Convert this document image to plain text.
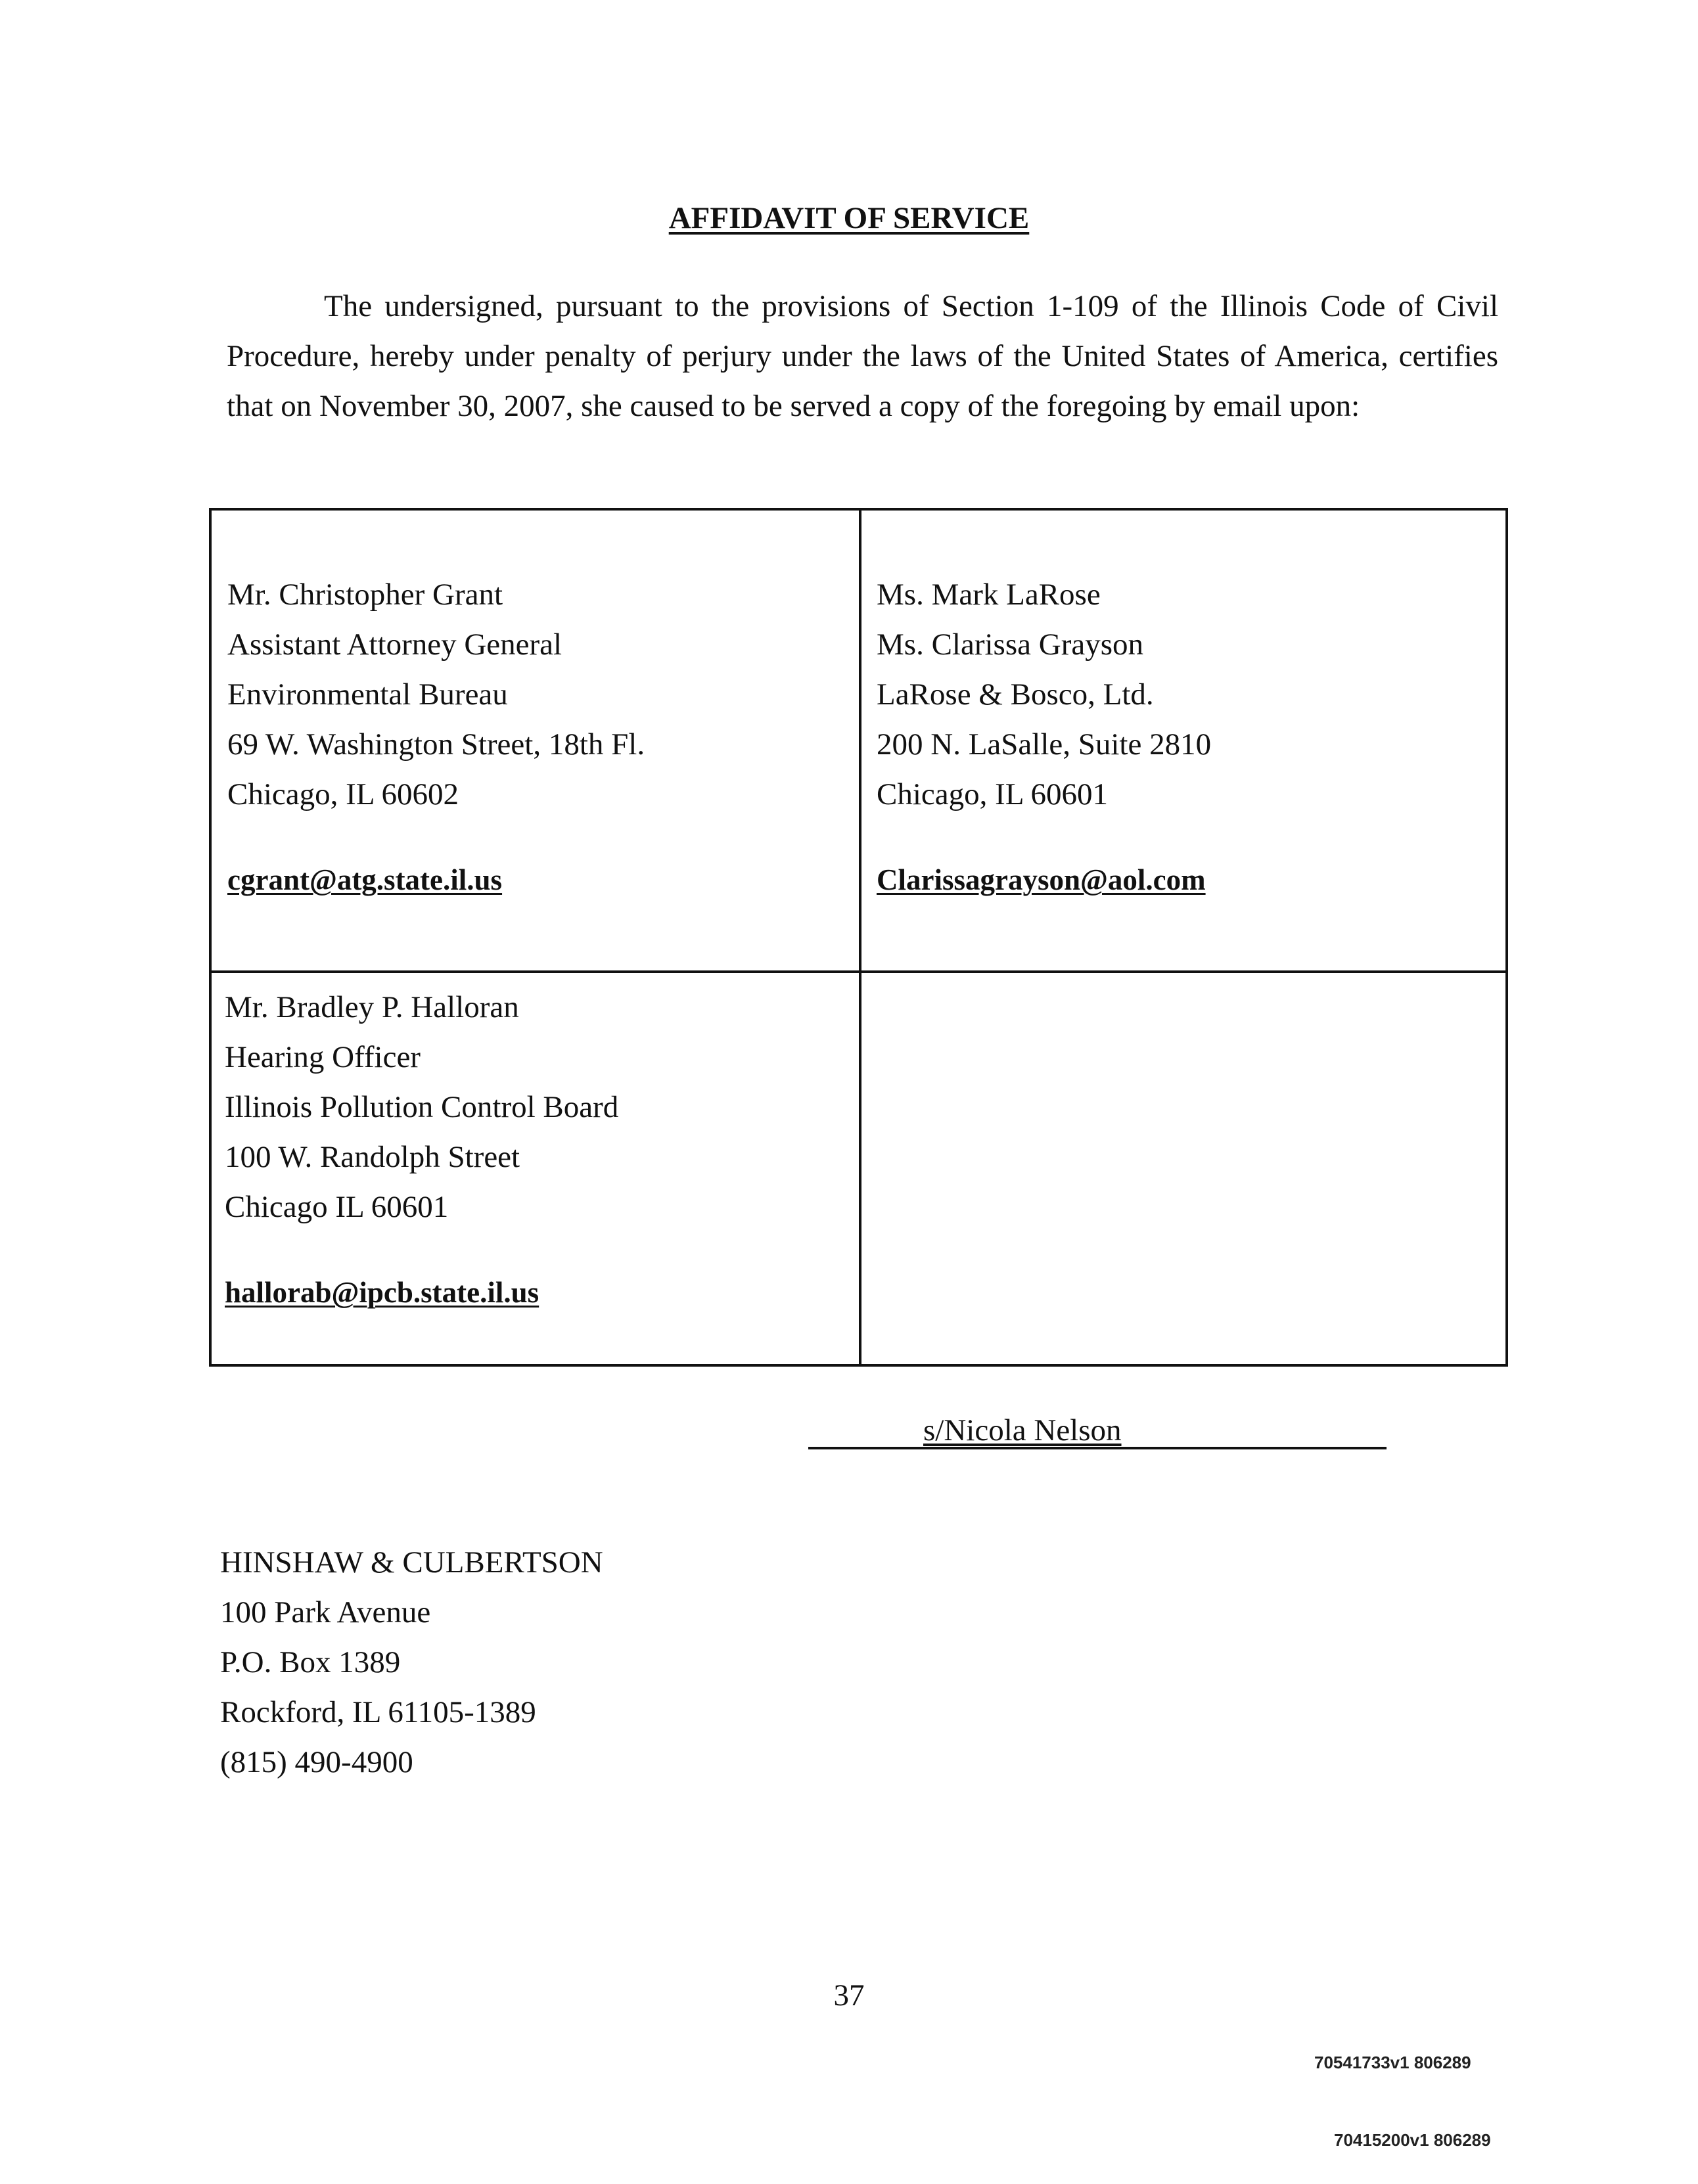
AFFIDAVIT OF SERVICE
The undersigned, pursuant to the provisions of Section 1-109 of the Illinois Code of Civil Procedure, hereby under penalty of perjury under the laws of the United States of America, certifies that on November 30, 2007, she caused to be served a copy of the foregoing by email upon:
Mr. Christopher Grant
Assistant Attorney General
Environmental Bureau
69 W. Washington Street, 18th Fl.
Chicago, IL 60602
cgrant@atg.state.il.us
Ms. Mark LaRose
Ms. Clarissa Grayson
LaRose & Bosco, Ltd.
200 N. LaSalle, Suite 2810
Chicago, IL 60601
Clarissagrayson@aol.com
Mr. Bradley P. Halloran
Hearing Officer
Illinois Pollution Control Board
100 W. Randolph Street
Chicago IL 60601
hallorab@ipcb.state.il.us
s/Nicola Nelson
HINSHAW & CULBERTSON
100 Park Avenue
P.O. Box 1389
Rockford, IL 61105-1389
(815) 490-4900
37
70541733v1 806289
70415200v1 806289
